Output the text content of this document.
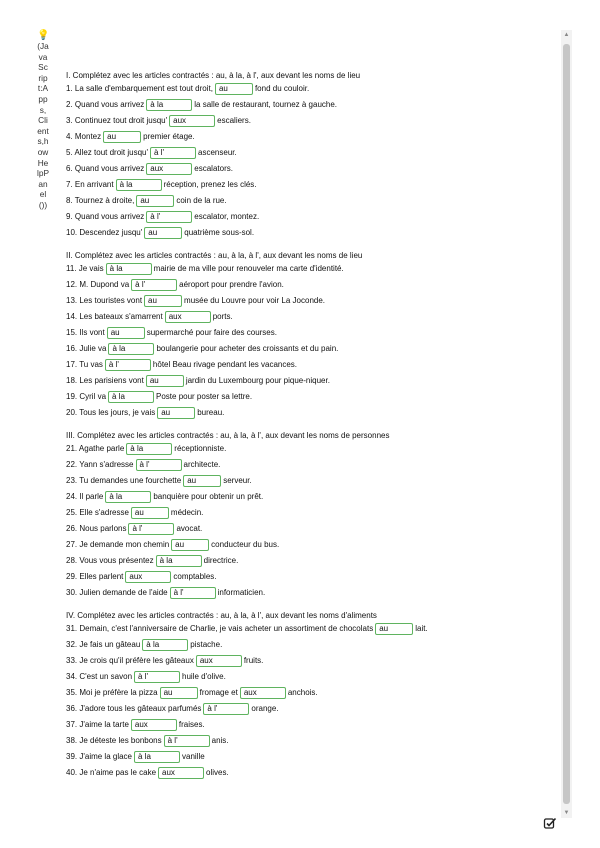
💡
(JavaScript:Apps,Clients,howHelpPanel())
I. Complétez avec les articles contractés : au, à la, à l', aux devant les noms de lieu
1. La salle d'embarquement est tout droit, au	fond du couloir.
2. Quand vous arrivez à la	la salle de restaurant, tournez à gauche.
3. Continuez tout droit jusqu' aux	escaliers.
4. Montez au	premier étage.
5. Allez tout droit jusqu' à l'	ascenseur.
6. Quand vous arrivez aux	escalators.
7. En arrivant à la	réception, prenez les clés.
8. Tournez à droite, au	coin de la rue.
9. Quand vous arrivez à l'	escalator, montez.
10. Descendez jusqu' au	quatrième sous-sol.
II. Complétez avec les articles contractés : au, à la, à l', aux devant les noms de lieu
11. Je vais à la	mairie de ma ville pour renouveler ma carte d'identité.
12. M. Dupond va à l'	aéroport pour prendre l'avion.
13. Les touristes vont au	musée du Louvre pour voir La Joconde.
14. Les bateaux s'amarrent aux	ports.
15. Ils vont au	supermarché pour faire des courses.
16. Julie va à la	boulangerie pour acheter des croissants et du pain.
17. Tu vas à l'	hôtel Beau rivage pendant les vacances.
18. Les parisiens vont au	jardin du Luxembourg pour pique-niquer.
19. Cyril va à la	Poste pour poster sa lettre.
20. Tous les jours, je vais au	bureau.
III. Complétez avec les articles contractés : au, à la, à l', aux devant les noms de personnes
21. Agathe parle à la	réceptionniste.
22. Yann s'adresse à l'	architecte.
23. Tu demandes une fourchette au	serveur.
24. Il parle à la	banquière pour obtenir un prêt.
25. Elle s'adresse au	médecin.
26. Nous parlons à l'	avocat.
27. Je demande mon chemin au	conducteur du bus.
28. Vous vous présentez à la	directrice.
29. Elles parlent aux	comptables.
30. Julien demande de l'aide à l'	informaticien.
IV. Complétez avec les articles contractés : au, à la, à l', aux devant les noms d'aliments
31. Demain, c'est l'anniversaire de Charlie, je vais acheter un assortiment de chocolats au	lait.
32. Je fais un gâteau à la	pistache.
33. Je crois qu'il préfère les gâteaux aux	fruits.
34. C'est un savon à l'	huile d'olive.
35. Moi je préfère la pizza au	fromage et aux	anchois.
36. J'adore tous les gâteaux parfumés à l'	orange.
37. J'aime la tarte aux	fraises.
38. Je déteste les bonbons à l'	anis.
39. J'aime la glace à la	vanille
40. Je n'aime pas le cake aux	olives.
▲
▼
